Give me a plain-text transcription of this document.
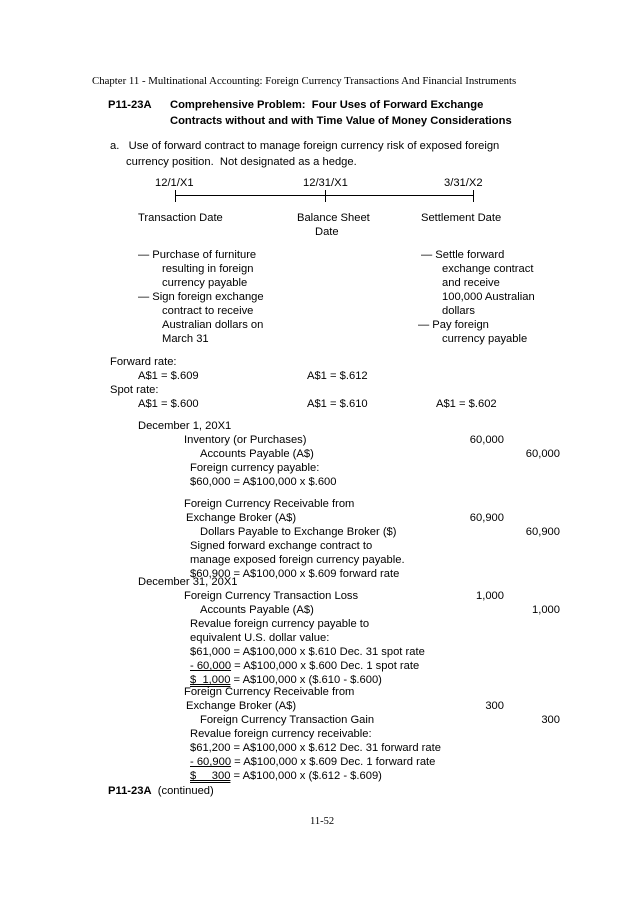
Chapter 11 - Multinational Accounting: Foreign Currency Transactions And Financial Instruments
P11-23A Comprehensive Problem:  Four Uses of Forward Exchange
Contracts without and with Time Value of Money Considerations
a.   Use of forward contract to manage foreign currency risk of exposed foreign
currency position.  Not designated as a hedge.
12/1/X1	12/31/X1	3/31/X2
Transaction Date	Balance Sheet
Date
Settlement Date
— Purchase of furniture
resulting in foreign
currency payable
— Sign foreign exchange
contract to receive
Australian dollars on
March 31
— Settle forward
exchange contract
and receive
100,000 Australian
dollars
— Pay foreign
currency payable
Forward rate:
A$1 = $.609	A$1 = $.612
Spot rate:
A$1 = $.600	A$1 = $.610	A$1 = $.602
December 1, 20X1
Inventory (or Purchases)	60,000
Accounts Payable (A$)	60,000
Foreign currency payable:
$60,000 = A$100,000 x $.600
Foreign Currency Receivable from
Exchange Broker (A$)	60,900
Dollars Payable to Exchange Broker ($)	60,900
Signed forward exchange contract to
manage exposed foreign currency payable.
$60,900 = A$100,000 x $.609 forward rate
December 31, 20X1
Foreign Currency Transaction Loss	1,000
Accounts Payable (A$)	1,000
Revalue foreign currency payable to
equivalent U.S. dollar value:
$61,000 = A$100,000 x $.610 Dec. 31 spot rate
- 60,000 = A$100,000 x $.600 Dec. 1 spot rate
$  1,000 = A$100,000 x ($.610 - $.600)
Foreign Currency Receivable from
Exchange Broker (A$)	300
Foreign Currency Transaction Gain	300
Revalue foreign currency receivable:
$61,200 = A$100,000 x $.612 Dec. 31 forward rate
- 60,900 = A$100,000 x $.609 Dec. 1 forward rate
$     300 = A$100,000 x ($.612 - $.609)
P11-23A  (continued)
11-52
